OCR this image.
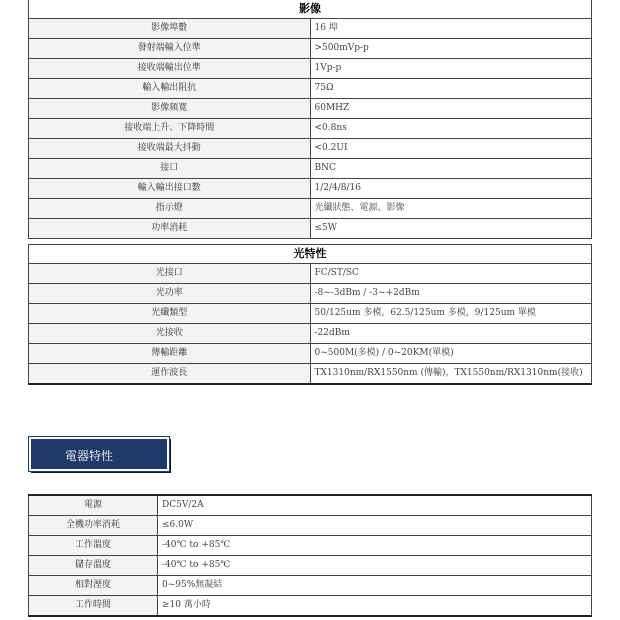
影像	
影像埠數	16 埠
發射端輸入位準	>500mVp-p
接收端輸出位準	1Vp-p
輸入輸出阻抗	75Ω
影像頻寬	60MHZ
接收端上升、下降時間	<0.8ns
接收端最大抖動	<0.2UI
接口	BNC
輸入輸出接口數	1/2/4/8/16
指示燈	光纖狀態、電源、影像
功率消耗	≤5W
光特性	
光接口	FC/ST/SC
光功率	-8~-3dBm / -3~+2dBm
光纖類型	50/125um 多模，62.5/125um 多模，9/125um 單模
光接收	-22dBm
傳輸距離	0~500M(多模) / 0~20KM(單模)
運作波長	TX1310nm/RX1550nm (傳輸)，TX1550nm/RX1310nm(接收)
電器特性
電源	DC5V/2A
全機功率消耗	≤6.0W
工作溫度	-40℃ to +85℃
儲存溫度	-40℃ to +85℃
相對溼度	0~95%無凝結
工作時間	≥10 萬小時
